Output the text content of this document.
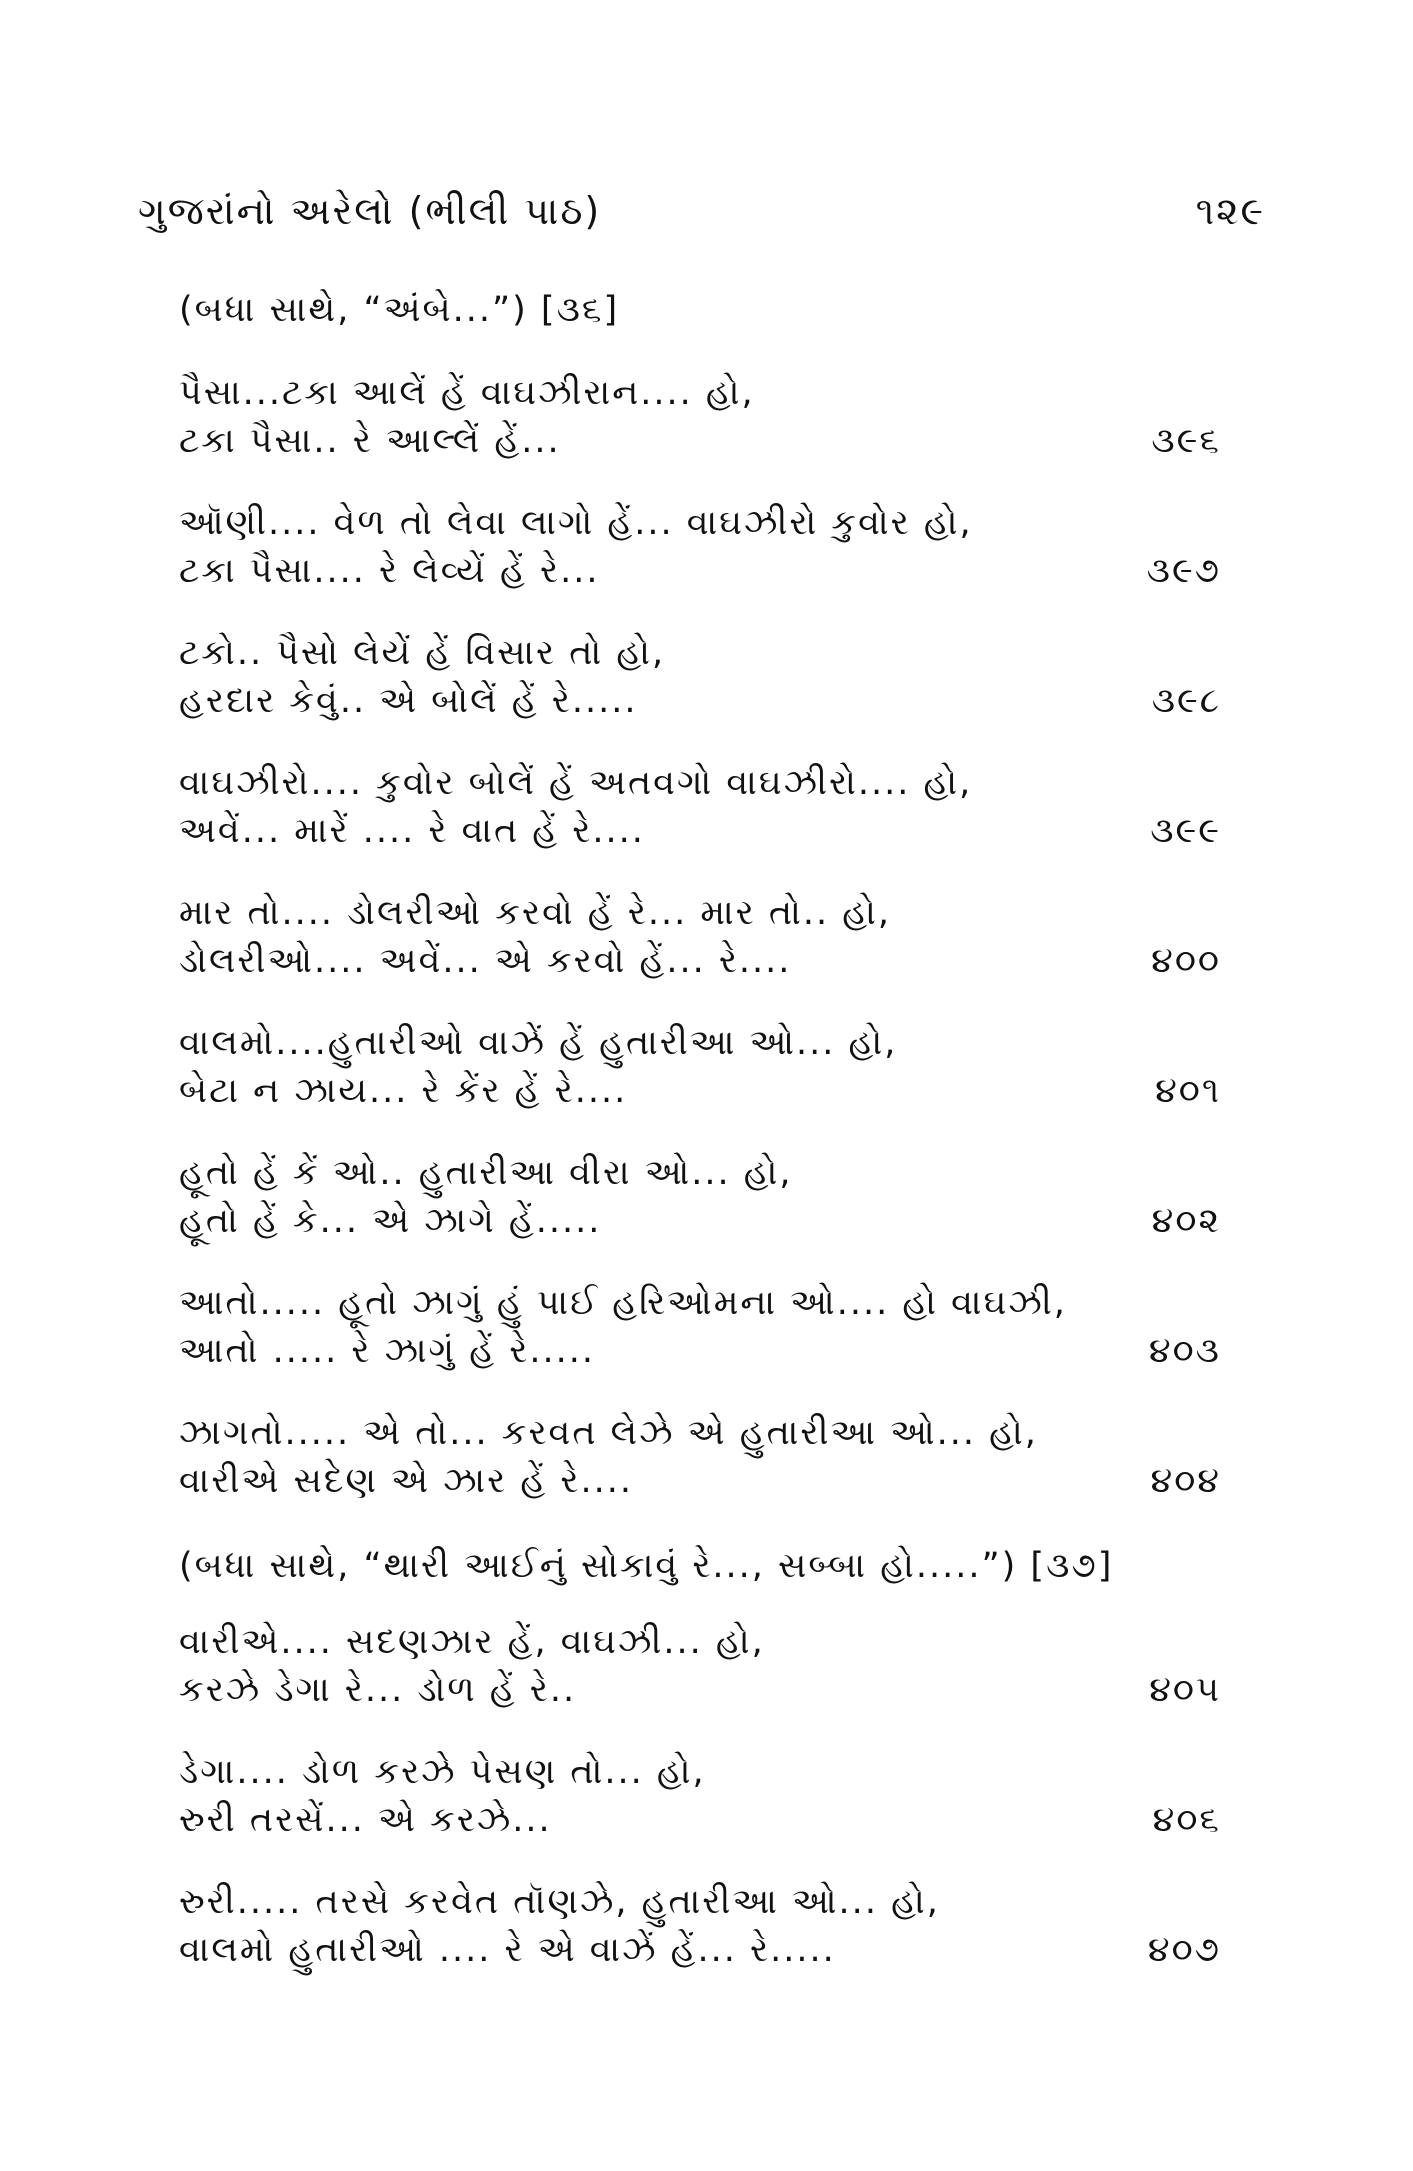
ગુજરાંનો અરેલો (ભીલી પાઠ)	૧૨૯
(બધા સાથે, “અંબે...”) [૩૬]
પૈસા...ટકા આલેં હેં વાઘઝીરાન.... હો,
ટકા પૈસા.. રે આલ્લેં હેં...	૩૯૬
ઑણી.... વેળ તો લેવા લાગો હેં... વાઘઝીરો કુવોર હો,
ટકા પૈસા.... રે લેવ્યેં હેં રે...	૩૯૭
ટકો.. પૈસો લેયેં હેં વિસાર તો હો,
હરદાર કેવું.. એ બોલેં હેં રે.....	૩૯૮
વાઘઝીરો.... કુવોર બોલેં હેં અતવગો વાઘઝીરો.... હો,
અવેં... મારેં .... રે વાત હેં રે....	૩૯૯
માર તો.... ડોલરીઓ કરવો હેં રે... માર તો.. હો,
ડોલરીઓ.... અવેં... એ કરવો હેં... રે....	૪૦૦
વાલમો....હુતારીઓ વાઝેં હેં હુતારીઆ ઓ... હો,
બેટા ન ઝાય... રે કેંર હેં રે....	૪૦૧
હૂતો હેં કેં ઓ.. હુતારીઆ વીરા ઓ... હો,
હૂતો હેં કે... એ ઝાગે હેં.....	૪૦૨
આતો..... હૂતો ઝાગું હું પાઈ હરિઓમના ઓ.... હો વાઘઝી,
આતો ..... રે ઝાગું હેં રે.....	૪૦૩
ઝાગતો..... એ તો... કરવત લેઝે એ હુતારીઆ ઓ... હો,
વારીએ સદેણ એ ઝાર હેં રે....	૪૦૪
(બધા સાથે, “થારી આઈનું સોકાવું રે..., સબ્બા હો.....”) [૩૭]
વારીએ.... સદણઝાર હેં, વાઘઝી... હો,
કરઝે ડેગા રે... ડોળ હેં રે..	૪૦૫
ડેગા.... ડોળ કરઝે પેસણ તો... હો,
રુરી તરસેં... એ કરઝે...	૪૦૬
રુરી..... તરસે કરવેત તૉણઝે, હુતારીઆ ઓ... હો,
વાલમો હુતારીઓ .... રે એ વાઝેં હેં... રે.....	૪૦૭
